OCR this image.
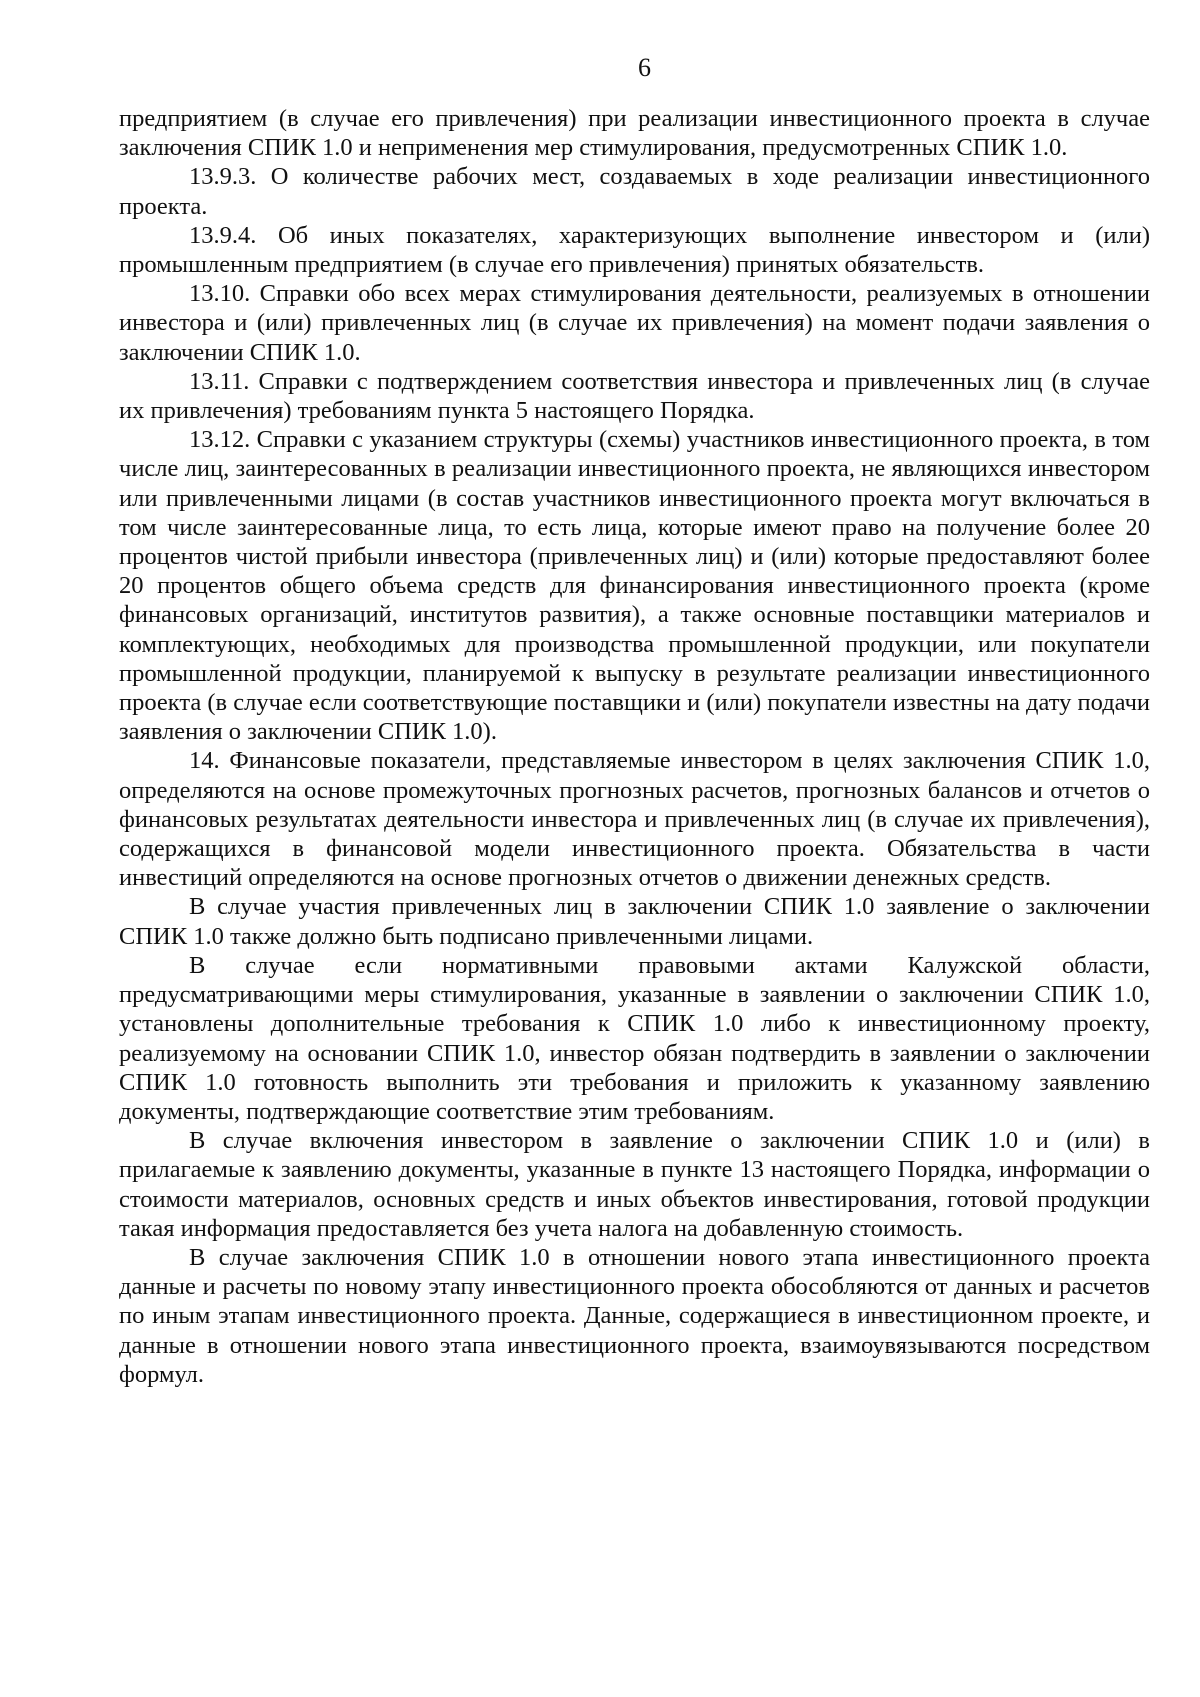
6

предприятием (в случае его привлечения) при реализации инвестиционного проекта в случае заключения СПИК 1.0 и неприменения мер стимулирования, предусмотренных СПИК 1.0.

13.9.3. О количестве рабочих мест, создаваемых в ходе реализации инвестиционного проекта.

13.9.4. Об иных показателях, характеризующих выполнение инвестором и (или) промышленным предприятием (в случае его привлечения) принятых обязательств.

13.10. Справки обо всех мерах стимулирования деятельности, реализуемых в отношении инвестора и (или) привлеченных лиц (в случае их привлечения) на момент подачи заявления о заключении СПИК 1.0.

13.11. Справки с подтверждением соответствия инвестора и привлеченных лиц (в случае их привлечения) требованиям пункта 5 настоящего Порядка.

13.12. Справки с указанием структуры (схемы) участников инвестиционного проекта, в том числе лиц, заинтересованных в реализации инвестиционного проекта, не являющихся инвестором или привлеченными лицами (в состав участников инвестиционного проекта могут включаться в том числе заинтересованные лица, то есть лица, которые имеют право на получение более 20 процентов чистой прибыли инвестора (привлеченных лиц) и (или) которые предоставляют более 20 процентов общего объема средств для финансирования инвестиционного проекта (кроме финансовых организаций, институтов развития), а также основные поставщики материалов и комплектующих, необходимых для производства промышленной продукции, или покупатели промышленной продукции, планируемой к выпуску в результате реализации инвестиционного проекта (в случае если соответствующие поставщики и (или) покупатели известны на дату подачи заявления о заключении СПИК 1.0).

14. Финансовые показатели, представляемые инвестором в целях заключения СПИК 1.0, определяются на основе промежуточных прогнозных расчетов, прогнозных балансов и отчетов о финансовых результатах деятельности инвестора и привлеченных лиц (в случае их привлечения), содержащихся в финансовой модели инвестиционного проекта. Обязательства в части инвестиций определяются на основе прогнозных отчетов о движении денежных средств.

В случае участия привлеченных лиц в заключении СПИК 1.0 заявление о заключении СПИК 1.0 также должно быть подписано привлеченными лицами.

В случае если нормативными правовыми актами Калужской области, предусматривающими меры стимулирования, указанные в заявлении о заключении СПИК 1.0, установлены дополнительные требования к СПИК 1.0 либо к инвестиционному проекту, реализуемому на основании СПИК 1.0, инвестор обязан подтвердить в заявлении о заключении СПИК 1.0 готовность выполнить эти требования и приложить к указанному заявлению документы, подтверждающие соответствие этим требованиям.

В случае включения инвестором в заявление о заключении СПИК 1.0 и (или) в прилагаемые к заявлению документы, указанные в пункте 13 настоящего Порядка, информации о стоимости материалов, основных средств и иных объектов инвестирования, готовой продукции такая информация предоставляется без учета налога на добавленную стоимость.

В случае заключения СПИК 1.0 в отношении нового этапа инвестиционного проекта данные и расчеты по новому этапу инвестиционного проекта обособляются от данных и расчетов по иным этапам инвестиционного проекта. Данные, содержащиеся в инвестиционном проекте, и данные в отношении нового этапа инвестиционного проекта, взаимоувязываются посредством формул.
